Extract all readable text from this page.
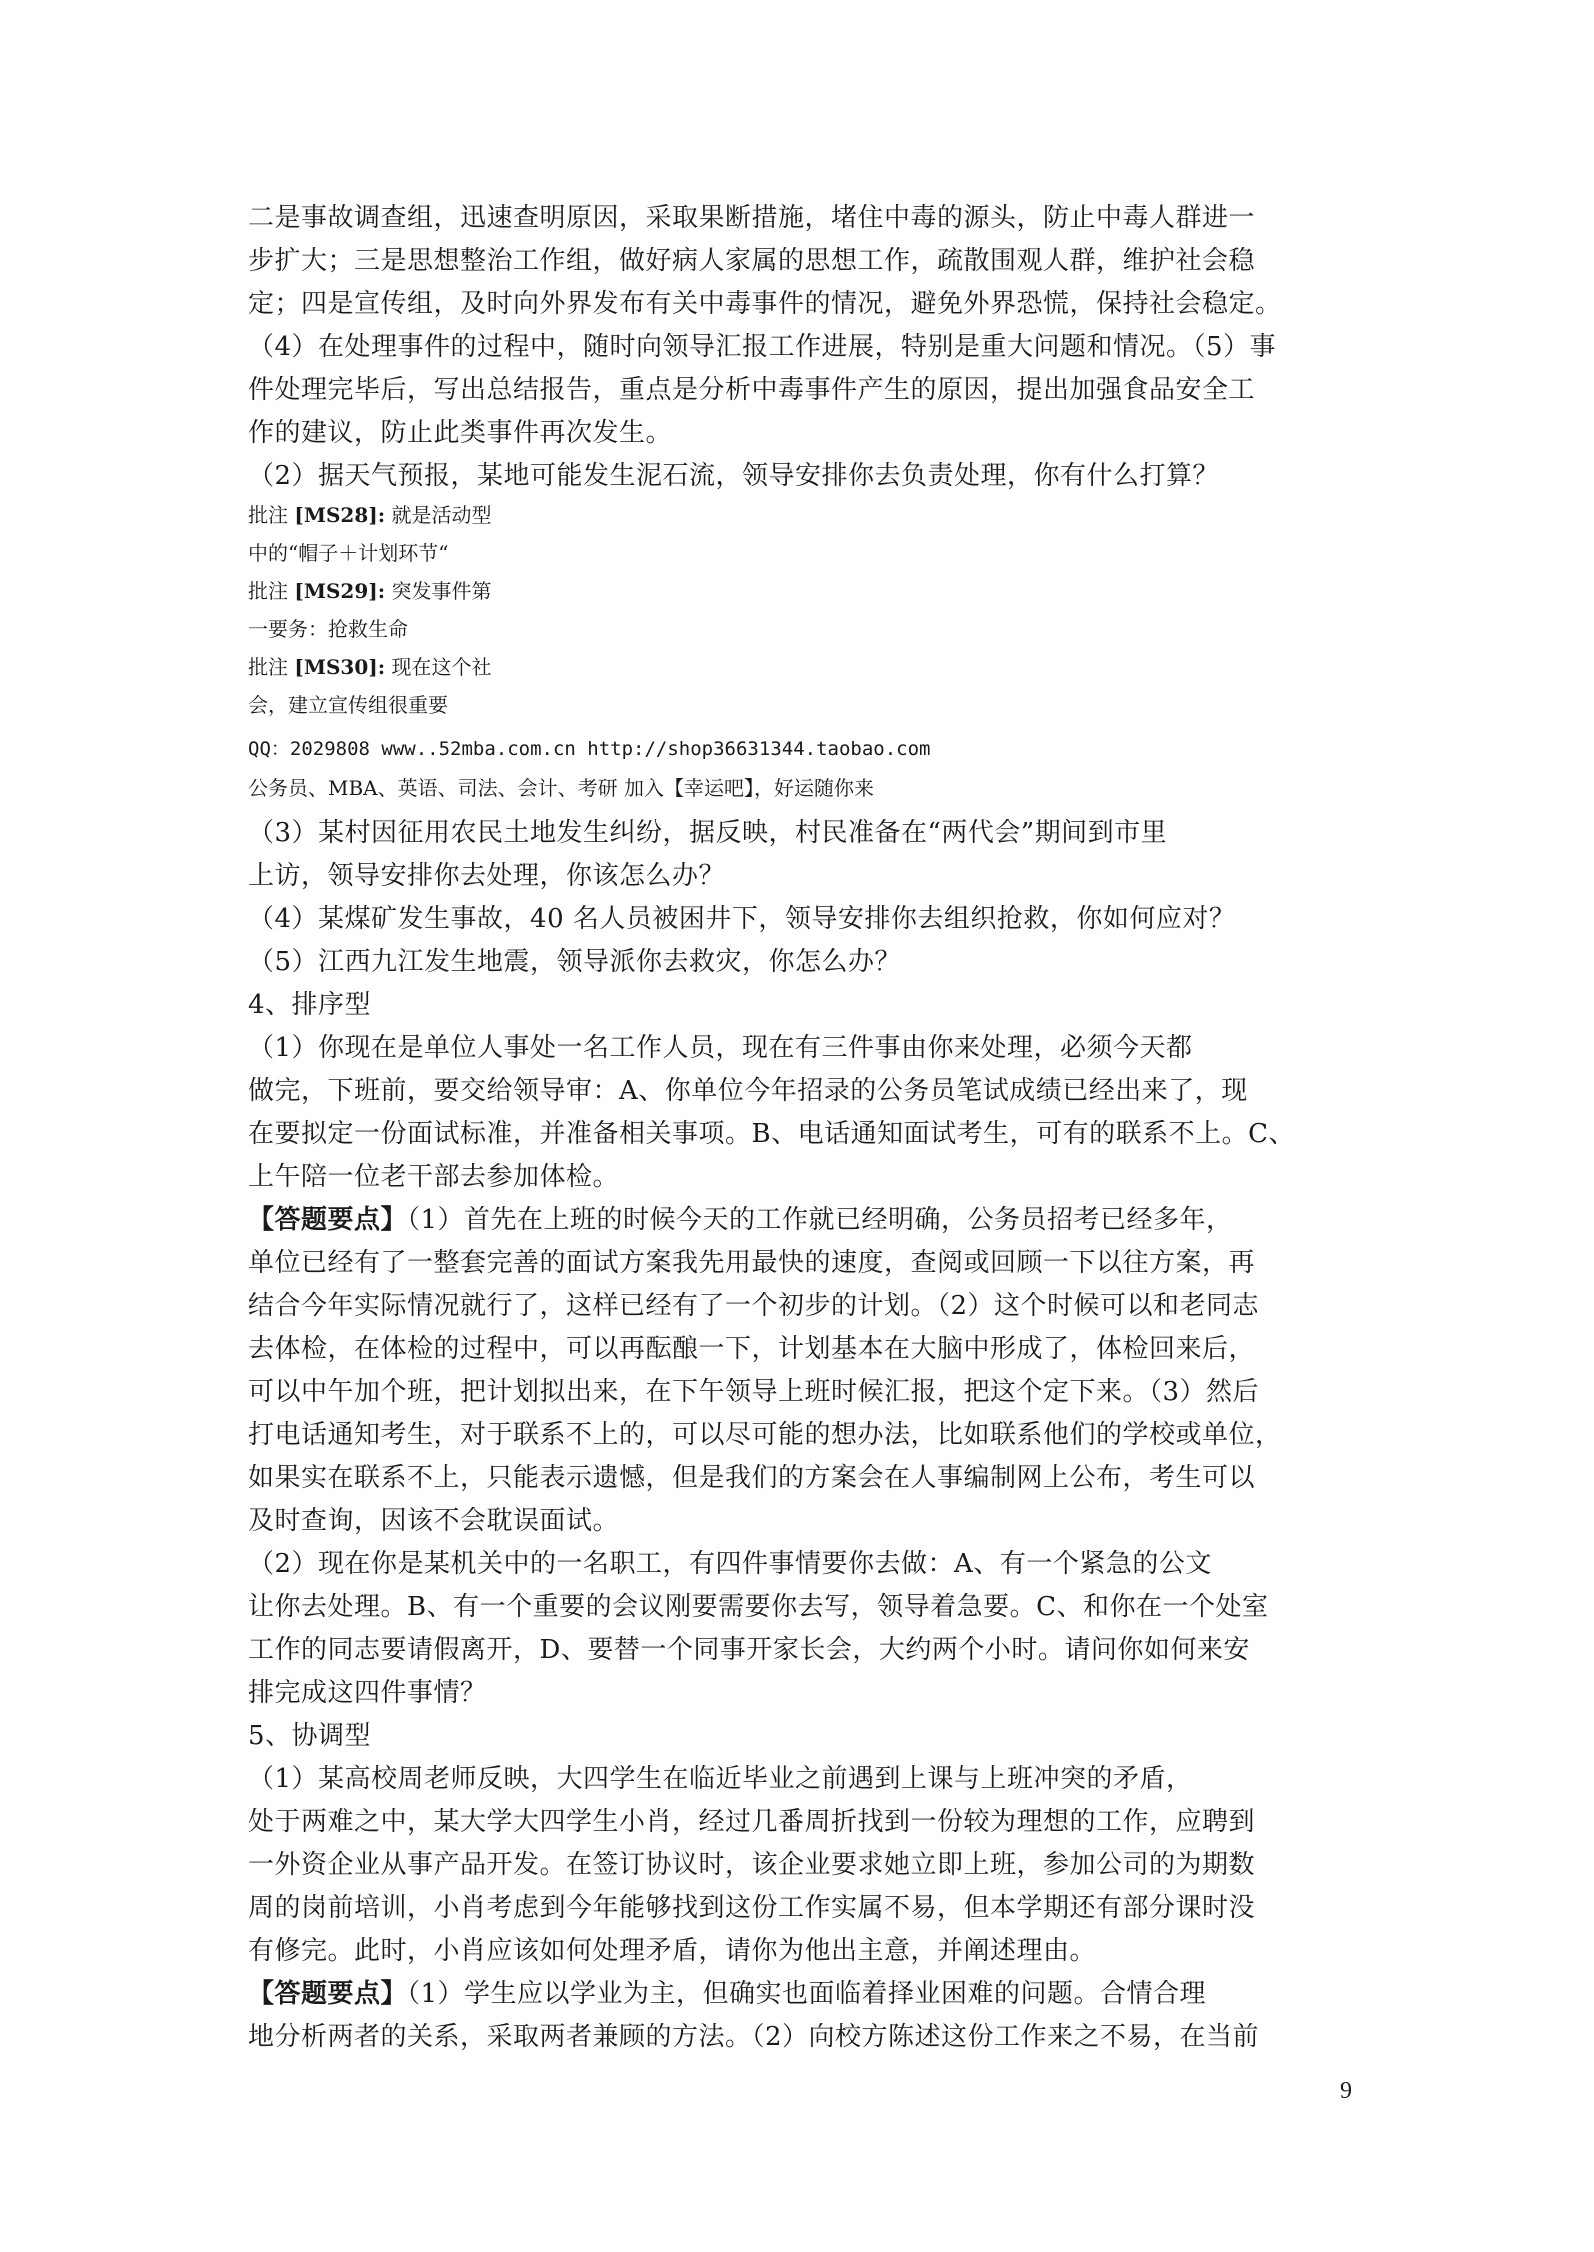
二是事故调查组，迅速查明原因，采取果断措施，堵住中毒的源头，防止中毒人群进一
步扩大；三是思想整治工作组，做好病人家属的思想工作，疏散围观人群，维护社会稳
定；四是宣传组，及时向外界发布有关中毒事件的情况，避免外界恐慌，保持社会稳定。
（4）在处理事件的过程中，随时向领导汇报工作进展，特别是重大问题和情况。（5）事
件处理完毕后，写出总结报告，重点是分析中毒事件产生的原因，提出加强食品安全工
作的建议，防止此类事件再次发生。
（2）据天气预报，某地可能发生泥石流，领导安排你去负责处理，你有什么打算？
批注 [MS28]: 就是活动型
中的“帽子＋计划环节“
批注 [MS29]: 突发事件第
一要务：抢救生命
批注 [MS30]: 现在这个社
会，建立宣传组很重要
QQ：2029808 www..52mba.com.cn http://shop36631344.taobao.com
公务员、MBA、英语、司法、会计、考研 加入【幸运吧】，好运随你来
（3）某村因征用农民土地发生纠纷，据反映，村民准备在“两代会”期间到市里
上访，领导安排你去处理，你该怎么办？
（4）某煤矿发生事故，40 名人员被困井下，领导安排你去组织抢救，你如何应对？
（5）江西九江发生地震，领导派你去救灾，你怎么办？
4、排序型
（1）你现在是单位人事处一名工作人员，现在有三件事由你来处理，必须今天都
做完，下班前，要交给领导审：A、你单位今年招录的公务员笔试成绩已经出来了，现
在要拟定一份面试标准，并准备相关事项。B、电话通知面试考生，可有的联系不上。C、
上午陪一位老干部去参加体检。
【答题要点】（1）首先在上班的时候今天的工作就已经明确，公务员招考已经多年，
单位已经有了一整套完善的面试方案我先用最快的速度，查阅或回顾一下以往方案，再
结合今年实际情况就行了，这样已经有了一个初步的计划。（2）这个时候可以和老同志
去体检，在体检的过程中，可以再酝酿一下，计划基本在大脑中形成了，体检回来后，
可以中午加个班，把计划拟出来，在下午领导上班时候汇报，把这个定下来。（3）然后
打电话通知考生，对于联系不上的，可以尽可能的想办法，比如联系他们的学校或单位，
如果实在联系不上，只能表示遗憾，但是我们的方案会在人事编制网上公布，考生可以
及时查询，因该不会耽误面试。
（2）现在你是某机关中的一名职工，有四件事情要你去做：A、有一个紧急的公文
让你去处理。B、有一个重要的会议刚要需要你去写，领导着急要。C、和你在一个处室
工作的同志要请假离开，D、要替一个同事开家长会，大约两个小时。请问你如何来安
排完成这四件事情？
5、协调型
（1）某高校周老师反映，大四学生在临近毕业之前遇到上课与上班冲突的矛盾，
处于两难之中，某大学大四学生小肖，经过几番周折找到一份较为理想的工作，应聘到
一外资企业从事产品开发。在签订协议时，该企业要求她立即上班，参加公司的为期数
周的岗前培训，小肖考虑到今年能够找到这份工作实属不易，但本学期还有部分课时没
有修完。此时，小肖应该如何处理矛盾，请你为他出主意，并阐述理由。
【答题要点】（1）学生应以学业为主，但确实也面临着择业困难的问题。合情合理
地分析两者的关系，采取两者兼顾的方法。（2）向校方陈述这份工作来之不易，在当前
9
